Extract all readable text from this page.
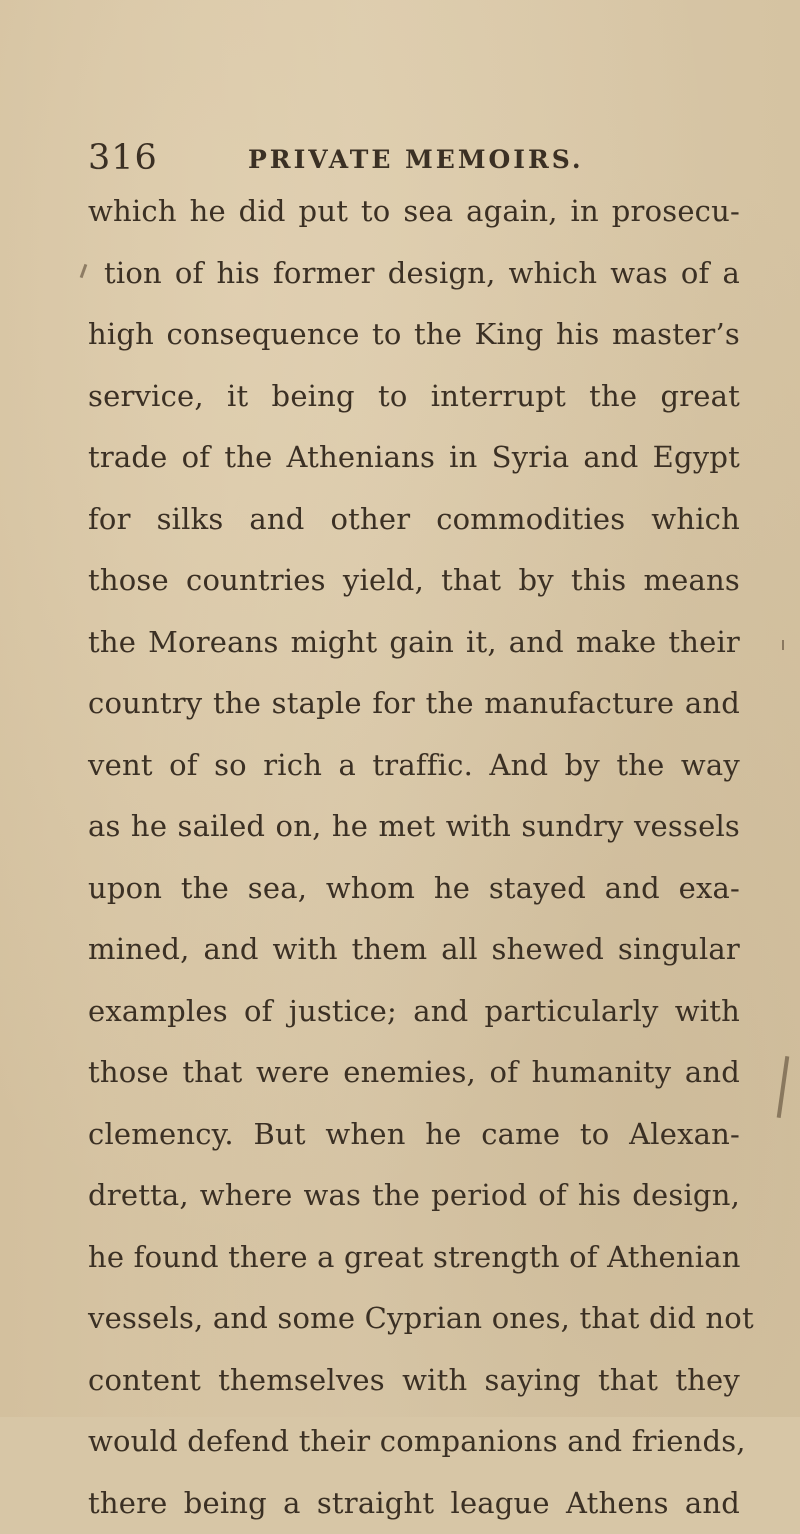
316	PRIVATE MEMOIRS.
which he did put to sea again, in prosecu-
tion of his former design, which was of a
high consequence to the King his master’s
service, it being to interrupt the great
trade of the Athenians in Syria and Egypt
for silks and other commodities which
those countries yield, that by this means
the Moreans might gain it, and make their
country the staple for the manufacture and
vent of so rich a traffic. And by the way
as he sailed on, he met with sundry vessels
upon the sea, whom he stayed and exa-
mined, and with them all shewed singular
examples of justice; and particularly with
those that were enemies, of humanity and
clemency. But when he came to Alexan-
dretta, where was the period of his design,
he found there a great strength of Athenian
vessels, and some Cyprian ones, that did not
content themselves with saying that they
would defend their companions and friends,
there being a straight league Athens and
